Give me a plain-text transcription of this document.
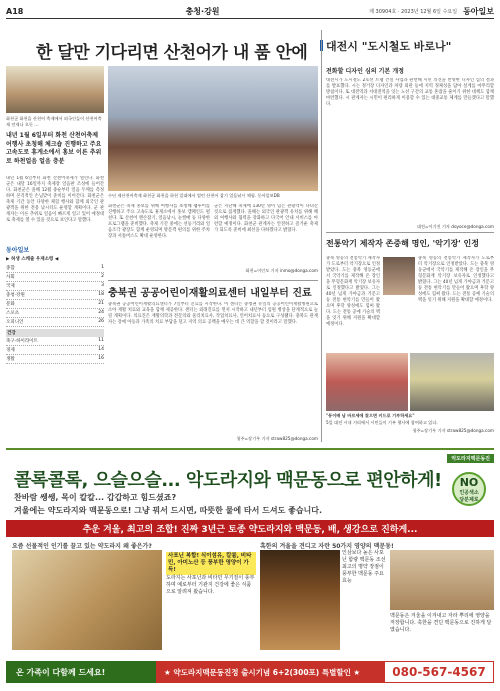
A18	충청·강원	제 30904호 · 2023년 12월 6일 수요일 동아일보
한 달만 기다리면 산천어가 내 품 안에 대전시 "도시철도 바로나"
화천군 화천읍 산천어 축제에서 외국인들이 산천어축제 언제나 오듯 ...
내년 1월 6일부터 화천 산천어축제 어행사 초청해 체크숍 진행하고 주요 고속도로 휴게소에서 홍보 이른 추위로 하천얼음 얼음 충분
수년 제산천어축제 화천군 화천읍 하천 일대에서 열린 산천어 잡기 얼음낚시 체험. 동아일보DB
내년 1월 6일부터 화천 산천어축제가 열린다. 화천군은 내달 16일까지 축제장 얼음판 조성에 들어간다. 화천군은 올해 12월 중순부터 얼음 두께를 측정하며 본격적인 손님맞이 준비를 이어간다. 화천군은 축제 기간 동안 다양한 체험 행사와 함께 외국인 관광객을 위한 전용 낚시터도 운영할 계획이다. 군 관계자는 이른 추위로 얼음이 빠르게 얼고 있어 예정대로 축제를 열 수 있을 것으로 보인다고 말했다.
화천군은 축제 홍보를 위해 여행사를 초청해 팸투어를 진행하고 주요 고속도로 휴게소에서 홍보 캠페인도 펼친다. 또 산천어 맨손잡기, 얼음낚시, 눈썰매 등 다양한 프로그램을 준비했다. 축제 기간 중에는 선등거리와 얼음조각 광장도 함께 운영되며 방문객 편의를 위한 주차장과 셔틀버스도 확대 운영한다.
군은 지난해 축제에 130만 명이 넘는 관광객이 다녀간 것으로 집계했다. 올해는 외국인 관광객 유치를 위해 해외 여행사와 협력을 강화하고 다국어 안내 서비스를 마련할 예정이다. 화천군 관계자는 안전하고 즐거운 축제가 되도록 준비에 최선을 다하겠다고 밝혔다.
화천=이인모 기자 inmo@donga.com
동아일보
▶ 허생 스케줄 우재소령 ◀
종합	1
사회	2
국제	3
충청·강원	18
문화	21
스포츠	24
오피니언	26
건강
축구·하이라이트	11
경제	14
생활	16
충북권 공공어린이재활의료센터 내일부터 진료
충북권 공공어린이재활의료센터가 7일부터 진료를 시작한다. 이 센터는 충청권 유일의 공공어린이재활병원으로 소아 재활 치료와 교육을 함께 제공한다. 센터는 외래진료를 먼저 시작하고 내년부터 입원 병상을 단계적으로 늘릴 계획이다. 의료진은 재활의학과 전문의와 물리치료사, 작업치료사, 언어치료사 등으로 구성됐다. 충북도 관계자는 장애 아동과 가족의 치료 부담을 덜고 지역 의료 공백을 메우는 데 큰 역할을 할 것이라고 말했다.
청주=장기우 기자 straw825@donga.com
전화할 디자인 심의 기본 개정
대전시가 도시철도 2호선 트램 건설 사업과 관련해 시민 의견을 반영한 디자인 심의 결과를 발표했다. 시는 정거장 디자인과 차량 외관 등에 지역 정체성을 담아 설계를 마무리할 방침이다. 또 대전역과 서대전역을 잇는 노선 구간의 교통 혼잡을 줄이기 위한 대책도 함께 마련했다. 시 관계자는 시민이 편리하게 이용할 수 있는 대중교통 체계를 만들겠다고 말했다.
대전=이기진 기자 doyoce@donga.com
전통악기 제작자 존중해 명인, '악기장' 인정
충북 영동의 전통악기 제작자가 도로부터 악기장으로 인정받았다. 도는 충북 영동군에서 국악기를 제작해 온 장인을 무형문화재 악기장 보유자로 인정했다고 밝혔다. 그는 40년 넘게 가야금과 거문고 등 전통 현악기를 만들어 왔으며 후학 양성에도 힘써 왔다. 도는 전통 공예 기술의 맥을 잇기 위해 지원을 확대할 예정이다.
충북 영동의 전통악기 제작자가 도로부터 악기장으로 인정받았다. 도는 충북 영동군에서 국악기를 제작해 온 장인을 무형문화재 악기장 보유자로 인정했다고 밝혔다. 그는 40년 넘게 가야금과 거문고 등 전통 현악기를 만들어 왔으며 후학 양성에도 힘써 왔다. 도는 전통 공예 기술의 맥을 잇기 위해 지원을 확대할 예정이다.
"동이배 남 바르세에 찾으면 키드로 기부하세요"
5일 대전 시내 거리에서 시민들이 기부 행사에 참여하고 있다.
청주=장기우 기자 straw825@donga.com
악도라지맥문동진
콜록콜록, 으슬으슬... 악도라지와 맥문동으로 편안하게!
찬바람 쌩쌩, 목이 칼칼... 갑갑하고 힘드셨죠?
겨울에는 약도라지와 맥문동으로! 그냥 꿔서 드시면, 따뜻한 물에 타서 드셔도 좋습니다.
NO
인공색소
당분제로
추운 겨울, 최고의 조합! 진짜 3년근 토종 약도라지와 맥문동, 배, 생강으로 진하게...
요즘 선물적인 인기를 끌고 있는 약도라지 왜 좋은가?	혹한의 겨울을 견디고 자란 50가지 영양의 맥문동!
사포닌 복합! 식이섬유, 칼륨, 비타민, 아미노산 등 풍부한 영양이 가득!
도라지는 사포닌과 비타민 무기질이 풍부하며 예로부터 기관지 건강에 좋은 식품으로 알려져 왔습니다.
인삼보다 높은 사포닌 함량 맥문동 조선 최고의 명약 장점이 풍부한 맥문동 주요 효능
맥문동은 겨울을 이겨내고 자라 뿌리에 영양을 저장합니다. 혹한을 견딘 맥문동으로 진하게 달였습니다.
온 가족이 다함께 드세요!	★ 약도라지맥문동진정 출시기념 6+2(300포) 특별할인 ★	080-567-4567
